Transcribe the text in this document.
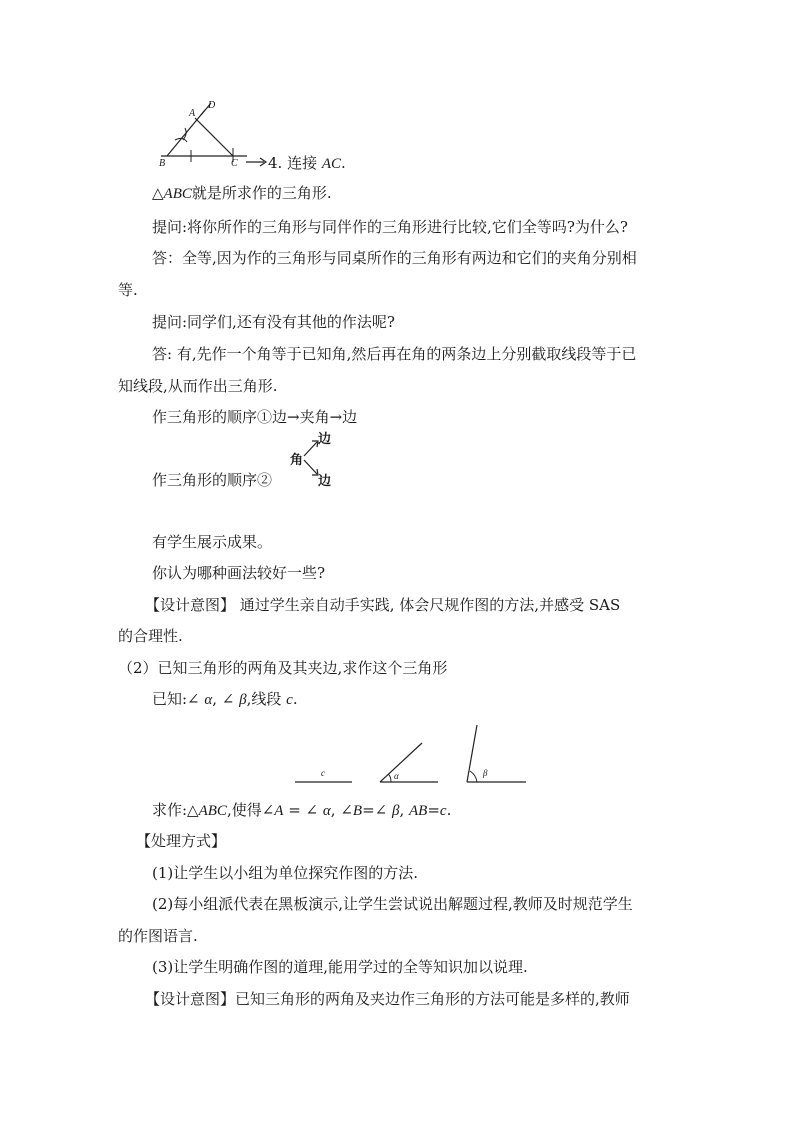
A
D
B	C 4. 连接 AC.
△ABC就是所求作的三角形.
提问:将你所作的三角形与同伴作的三角形进行比较,它们全等吗?为什么?
答：全等,因为作的三角形与同桌所作的三角形有两边和它们的夹角分别相
等.
提问:同学们,还有没有其他的作法呢?
答: 有,先作一个角等于已知角,然后再在角的两条边上分别截取线段等于已
知线段,从而作出三角形.
作三角形的顺序①边→夹角→边
作三角形的顺序②
角
边
边
有学生展示成果。
你认为哪种画法较好一些?
【设计意图】 通过学生亲自动手实践, 体会尺规作图的方法,并感受 SAS
的合理性.
（2）已知三角形的两角及其夹边,求作这个三角形
已知:∠ α, ∠ β,线段 c.
c	α	β
求作:△ABC,使得∠A = ∠ α, ∠B=∠ β, AB=c.
【处理方式】
(1)让学生以小组为单位探究作图的方法.
(2)每小组派代表在黑板演示,让学生尝试说出解题过程,教师及时规范学生
的作图语言.
(3)让学生明确作图的道理,能用学过的全等知识加以说理.
【设计意图】已知三角形的两角及夹边作三角形的方法可能是多样的,教师
